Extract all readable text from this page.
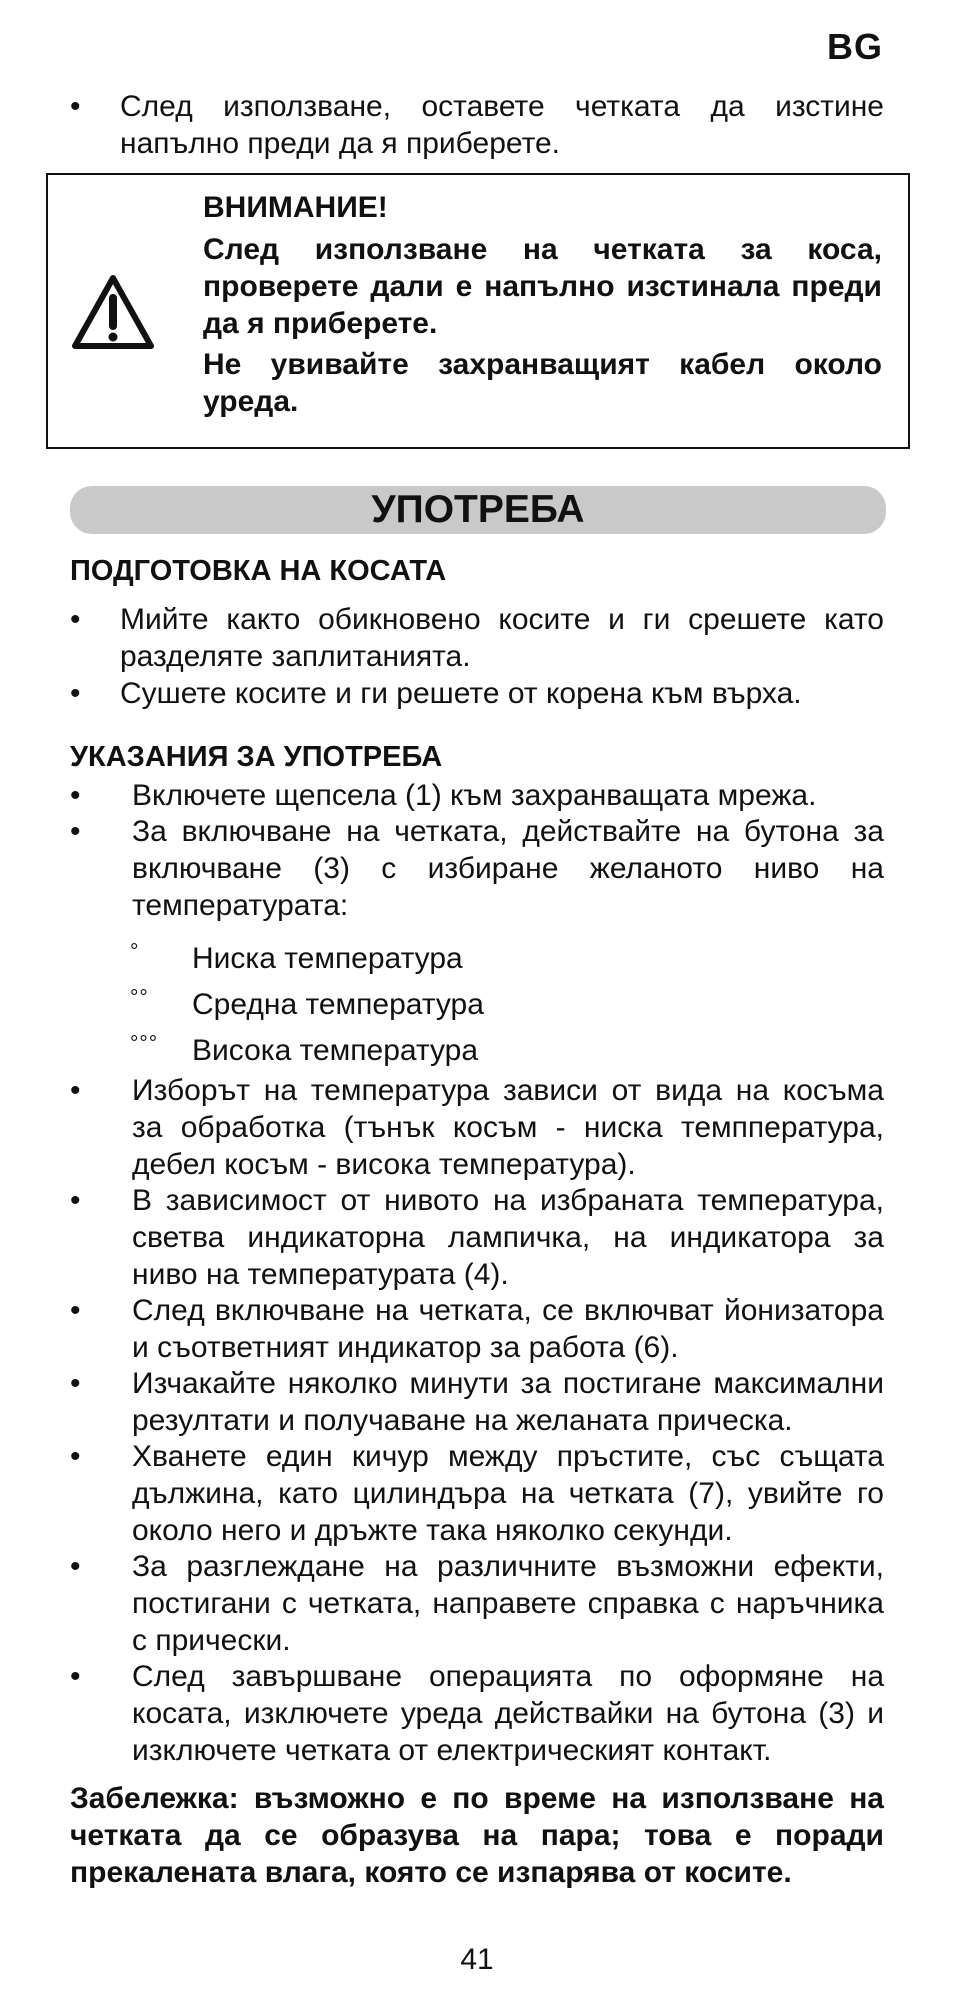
BG
• След използване, оставете четката да изстине напълно преди да я приберете.
ВНИМАНИЕ!
След използване на четката за коса, проверете дали е напълно изстинала преди да я приберете.
Не увивайте захранващият кабел около уреда.
УПОТРЕБА
ПОДГОТОВКА НА КОСАТА
• Мийте както обикновено косите и ги срешете като разделяте заплитанията.
• Сушете косите и ги решете от корена към върха.
УКАЗАНИЯ ЗА УПОТРЕБА
• Включете щепсела (1) към захранващата мрежа.
• За включване на четката, действайте на бутона за включване (3) с избиране желаното ниво на температурата:
° Ниска температура
°° Средна температура
°°° Висока температура
• Изборът на температура зависи от вида на косъма за обработка (тънък косъм - ниска темппература, дебел косъм - висока температура).
• В зависимост от нивото на избраната температура, светва индикаторна лампичка, на индикатора за ниво на температурата (4).
• След включване на четката, се включват йонизатора и съответният индикатор за работа (6).
• Изчакайте няколко минути за постигане максимални резултати и получаване на желаната прическа.
• Хванете един кичур между пръстите, със същата дължина, като цилиндъра на четката (7), увийте го около него и дръжте така няколко секунди.
• За разглеждане на различните възможни ефекти, постигани с четката, направете справка с наръчника с прически.
• След завършване операцията по оформяне на косата, изключете уреда действайки на бутона (3) и изключете четката от електрическият контакт.
Забележка: възможно е по време на използване на четката да се образува на пара; това е поради прекалената влага, която се изпарява от косите.
41
